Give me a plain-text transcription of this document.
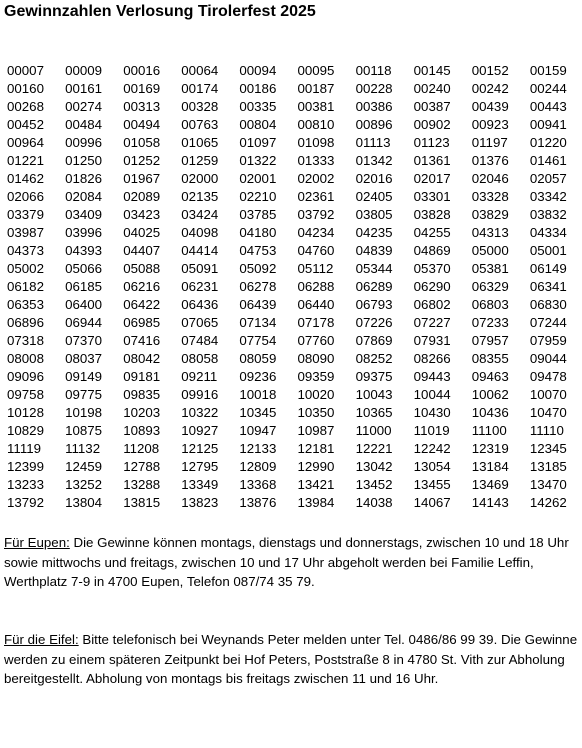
Gewinnzahlen Verlosung Tirolerfest 2025
00007	00009	00016	00064	00094	00095	00118	00145	00152	00159
00160	00161	00169	00174	00186	00187	00228	00240	00242	00244
00268	00274	00313	00328	00335	00381	00386	00387	00439	00443
00452	00484	00494	00763	00804	00810	00896	00902	00923	00941
00964	00996	01058	01065	01097	01098	01113	01123	01197	01220
01221	01250	01252	01259	01322	01333	01342	01361	01376	01461
01462	01826	01967	02000	02001	02002	02016	02017	02046	02057
02066	02084	02089	02135	02210	02361	02405	03301	03328	03342
03379	03409	03423	03424	03785	03792	03805	03828	03829	03832
03987	03996	04025	04098	04180	04234	04235	04255	04313	04334
04373	04393	04407	04414	04753	04760	04839	04869	05000	05001
05002	05066	05088	05091	05092	05112	05344	05370	05381	06149
06182	06185	06216	06231	06278	06288	06289	06290	06329	06341
06353	06400	06422	06436	06439	06440	06793	06802	06803	06830
06896	06944	06985	07065	07134	07178	07226	07227	07233	07244
07318	07370	07416	07484	07754	07760	07869	07931	07957	07959
08008	08037	08042	08058	08059	08090	08252	08266	08355	09044
09096	09149	09181	09211	09236	09359	09375	09443	09463	09478
09758	09775	09835	09916	10018	10020	10043	10044	10062	10070
10128	10198	10203	10322	10345	10350	10365	10430	10436	10470
10829	10875	10893	10927	10947	10987	11000	11019	11100	11110
11119	11132	11208	12125	12133	12181	12221	12242	12319	12345
12399	12459	12788	12795	12809	12990	13042	13054	13184	13185
13233	13252	13288	13349	13368	13421	13452	13455	13469	13470
13792	13804	13815	13823	13876	13984	14038	14067	14143	14262

Für Eupen: Die Gewinne können montags, dienstags und donnerstags, zwischen 10 und 18 Uhr sowie mittwochs und freitags, zwischen 10 und 17 Uhr abgeholt werden bei Familie Leffin, Werthplatz 7-9 in 4700 Eupen, Telefon 087/74 35 79.

Für die Eifel: Bitte telefonisch bei Weynands Peter melden unter Tel. 0486/86 99 39. Die Gewinne werden zu einem späteren Zeitpunkt bei Hof Peters, Poststraße 8 in 4780 St. Vith zur Abholung bereitgestellt. Abholung von montags bis freitags zwischen 11 und 16 Uhr.
